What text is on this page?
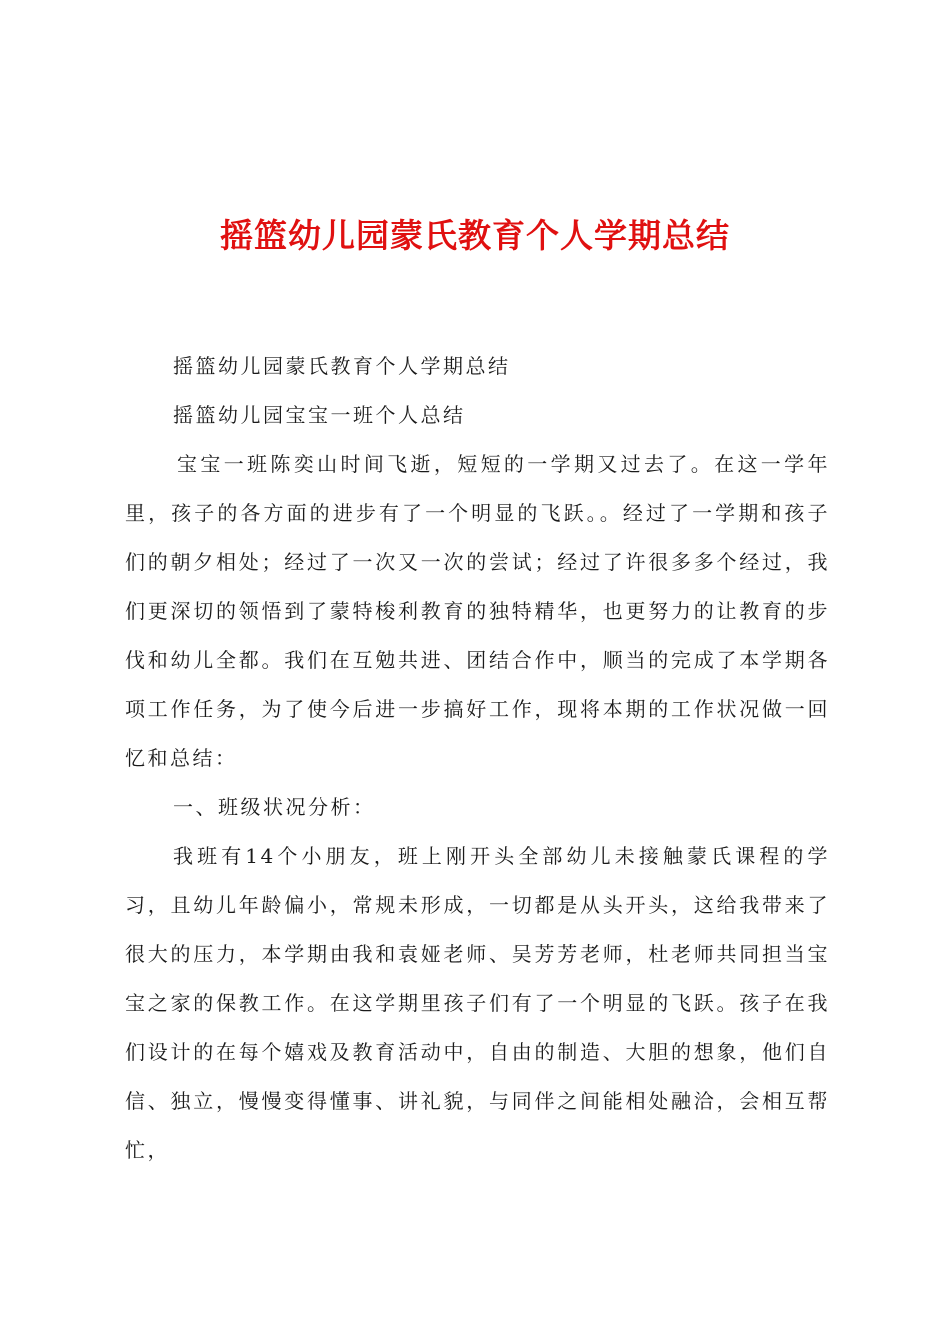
摇篮幼儿园蒙氏教育个人学期总结

摇篮幼儿园蒙氏教育个人学期总结

摇篮幼儿园宝宝一班个人总结

宝宝一班陈奕山时间飞逝，短短的一学期又过去了。在这一学年里，孩子的各方面的进步有了一个明显的飞跃。。经过了一学期和孩子们的朝夕相处；经过了一次又一次的尝试；经过了许很多多个经过，我们更深切的领悟到了蒙特梭利教育的独特精华，也更努力的让教育的步伐和幼儿全都。我们在互勉共进、团结合作中，顺当的完成了本学期各项工作任务，为了使今后进一步搞好工作，现将本期的工作状况做一回忆和总结：

一、班级状况分析：

我班有14个小朋友，班上刚开头全部幼儿未接触蒙氏课程的学习，且幼儿年龄偏小，常规未形成，一切都是从头开头，这给我带来了很大的压力，本学期由我和袁娅老师、吴芳芳老师，杜老师共同担当宝宝之家的保教工作。在这学期里孩子们有了一个明显的飞跃。孩子在我们设计的在每个嬉戏及教育活动中，自由的制造、大胆的想象，他们自信、独立，慢慢变得懂事、讲礼貌，与同伴之间能相处融洽，会相互帮忙，
